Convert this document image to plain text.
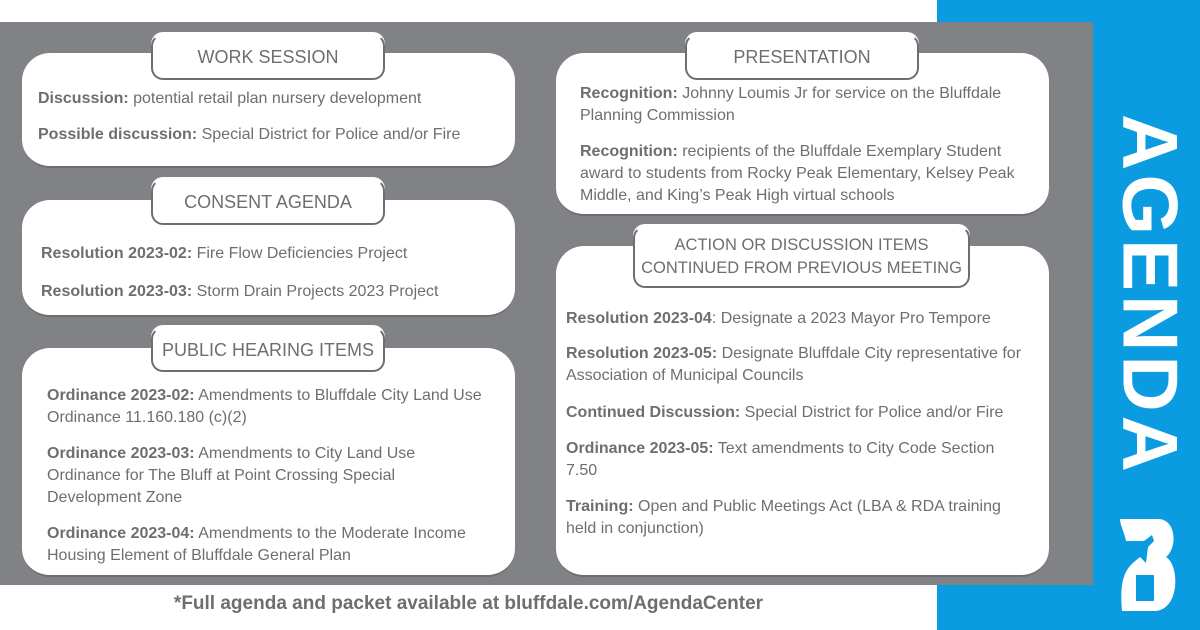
WORK SESSION
Discussion: potential retail plan nursery development
Possible discussion: Special District for Police and/or Fire
CONSENT AGENDA
Resolution 2023-02: Fire Flow Deficiencies Project
Resolution 2023-03: Storm Drain Projects 2023 Project
PUBLIC HEARING ITEMS
Ordinance 2023-02: Amendments to Bluffdale City Land Use Ordinance 11.160.180 (c)(2)
Ordinance 2023-03: Amendments to City Land Use Ordinance for The Bluff at Point Crossing Special Development Zone
Ordinance 2023-04: Amendments to the Moderate Income Housing Element of Bluffdale General Plan
PRESENTATION
Recognition: Johnny Loumis Jr for service on the Bluffdale Planning Commission
Recognition: recipients of the Bluffdale Exemplary Student award to students from Rocky Peak Elementary, Kelsey Peak Middle, and King’s Peak High virtual schools
ACTION OR DISCUSSION ITEMS
CONTINUED FROM PREVIOUS MEETING
Resolution 2023-04: Designate a 2023 Mayor Pro Tempore
Resolution 2023-05: Designate Bluffdale City representative for Association of Municipal Councils
Continued Discussion: Special District for Police and/or Fire
Ordinance 2023-05: Text amendments to City Code Section 7.50
Training: Open and Public Meetings Act (LBA & RDA training held in conjunction)
AGENDA
*Full agenda and packet available at bluffdale.com/AgendaCenter
